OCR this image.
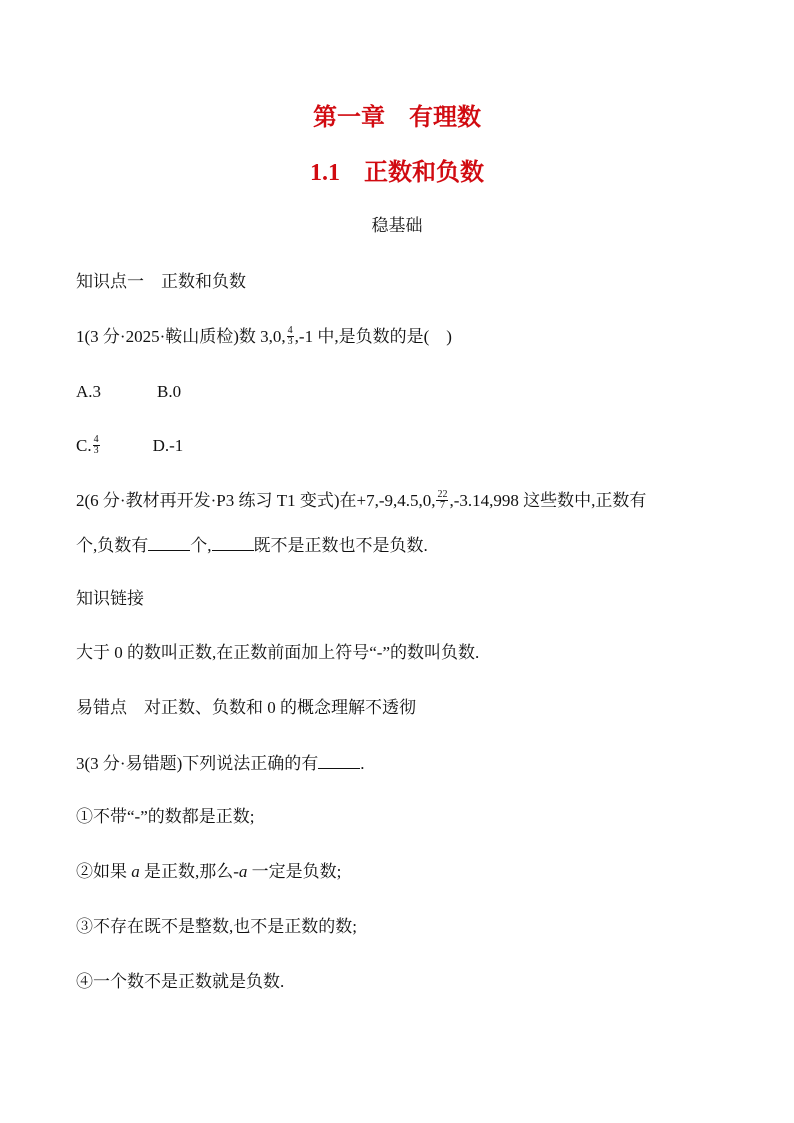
第一章　有理数
1.1　正数和负数
稳基础
知识点一　正数和负数
1(3 分·2025·鞍山质检)数 3,0, $\frac{4}{3} ,-1$ 中,是负数的是(　)
A.3	B.0
C. $\frac{4}{3}$	D.-1
2(6 分·教材再开发·P3 练习 T1 变式)在+7,-9,4.5,0, $\frac{22}{7} ,-3.14,998$ 这些数中,正数有
个,负数有 个, 既不是正数也不是负数.
知识链接
大于 0 的数叫正数,在正数前面加上符号“-”的数叫负数.
易错点　对正数、负数和 0 的概念理解不透彻
3(3 分·易错题)下列说法正确的有 .
①不带“-”的数都是正数;
②如果 a 是正数,那么-a 一定是负数;
③不存在既不是整数,也不是正数的数;
④一个数不是正数就是负数.
